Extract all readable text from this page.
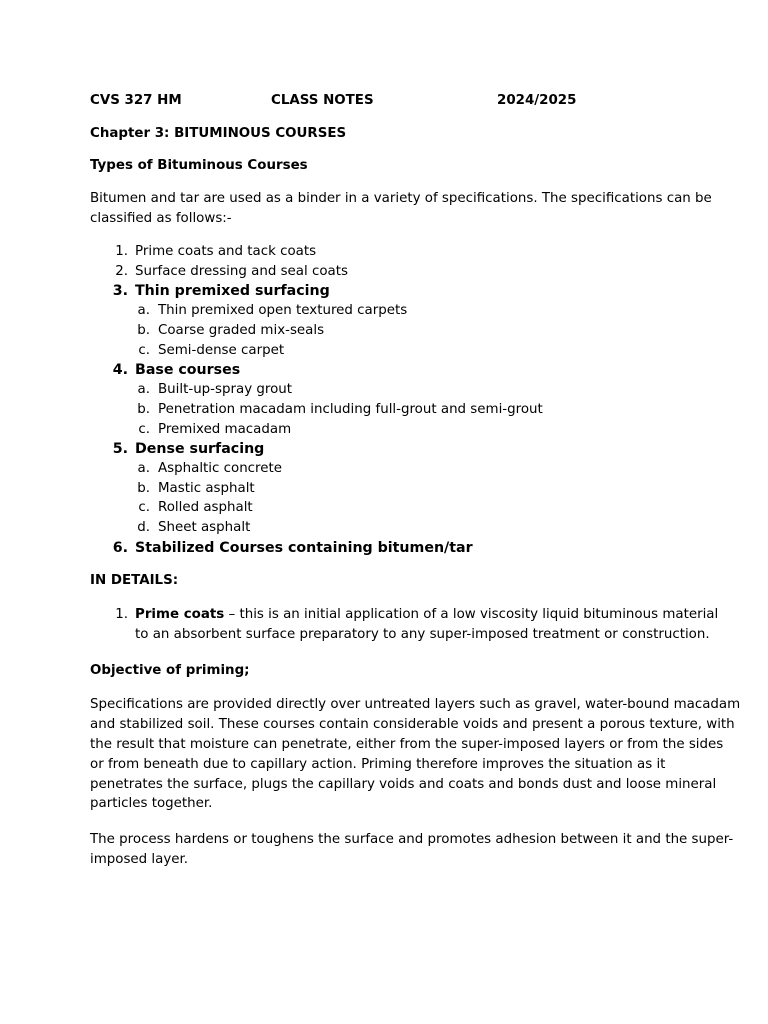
CVS 327 HM	CLASS NOTES	2024/2025
Chapter 3: BITUMINOUS COURSES
Types of Bituminous Courses
Bitumen and tar are used as a binder in a variety of specifications. The specifications can be
classified as follows:-
1. Prime coats and tack coats
2. Surface dressing and seal coats
3. Thin premixed surfacing
a. Thin premixed open textured carpets
b. Coarse graded mix-seals
c. Semi-dense carpet
4. Base courses
a. Built-up-spray grout
b. Penetration macadam including full-grout and semi-grout
c. Premixed macadam
5. Dense surfacing
a. Asphaltic concrete
b. Mastic asphalt
c. Rolled asphalt
d. Sheet asphalt
6. Stabilized Courses containing bitumen/tar
IN DETAILS:
1. Prime coats – this is an initial application of a low viscosity liquid bituminous material
to an absorbent surface preparatory to any super-imposed treatment or construction.
Objective of priming;
Specifications are provided directly over untreated layers such as gravel, water-bound macadam
and stabilized soil. These courses contain considerable voids and present a porous texture, with
the result that moisture can penetrate, either from the super-imposed layers or from the sides
or from beneath due to capillary action. Priming therefore improves the situation as it
penetrates the surface, plugs the capillary voids and coats and bonds dust and loose mineral
particles together.
The process hardens or toughens the surface and promotes adhesion between it and the super-
imposed layer.
